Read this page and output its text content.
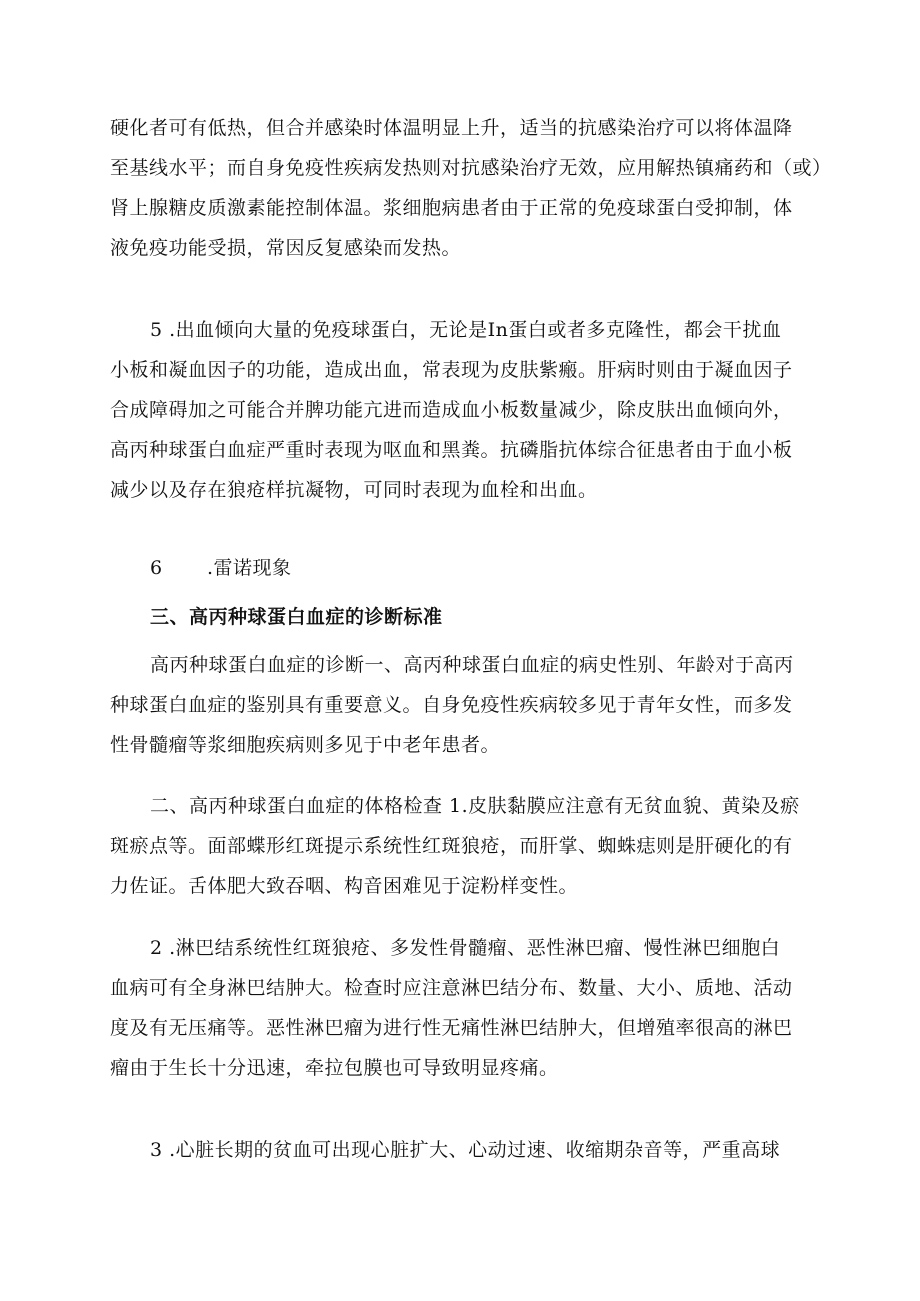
硬化者可有低热，但合并感染时体温明显上升，适当的抗感染治疗可以将体温降
至基线水平；而自身免疫性疾病发热则对抗感染治疗无效，应用解热镇痛药和（或）
肾上腺糖皮质激素能控制体温。浆细胞病患者由于正常的免疫球蛋白受抑制，体
液免疫功能受损，常因反复感染而发热。
5 .出血倾向大量的免疫球蛋白，无论是In蛋白或者多克隆性，都会干扰血
小板和凝血因子的功能，造成出血，常表现为皮肤紫瘢。肝病时则由于凝血因子
合成障碍加之可能合并脾功能亢进而造成血小板数量减少，除皮肤出血倾向外，
高丙种球蛋白血症严重时表现为呕血和黑粪。抗磷脂抗体综合征患者由于血小板
减少以及存在狼疮样抗凝物，可同时表现为血栓和出血。
6 .雷诺现象
三、高丙种球蛋白血症的诊断标准
高丙种球蛋白血症的诊断一、高丙种球蛋白血症的病史性别、年龄对于高丙
种球蛋白血症的鉴别具有重要意义。自身免疫性疾病较多见于青年女性，而多发
性骨髓瘤等浆细胞疾病则多见于中老年患者。
二、高丙种球蛋白血症的体格检查 1.皮肤黏膜应注意有无贫血貌、黄染及瘀
斑瘀点等。面部蝶形红斑提示系统性红斑狼疮，而肝掌、蜘蛛痣则是肝硬化的有
力佐证。舌体肥大致吞咽、构音困难见于淀粉样变性。
2 .淋巴结系统性红斑狼疮、多发性骨髓瘤、恶性淋巴瘤、慢性淋巴细胞白
血病可有全身淋巴结肿大。检查时应注意淋巴结分布、数量、大小、质地、活动
度及有无压痛等。恶性淋巴瘤为进行性无痛性淋巴结肿大，但增殖率很高的淋巴
瘤由于生长十分迅速，牵拉包膜也可导致明显疼痛。
3 .心脏长期的贫血可出现心脏扩大、心动过速、收缩期杂音等，严重高球
